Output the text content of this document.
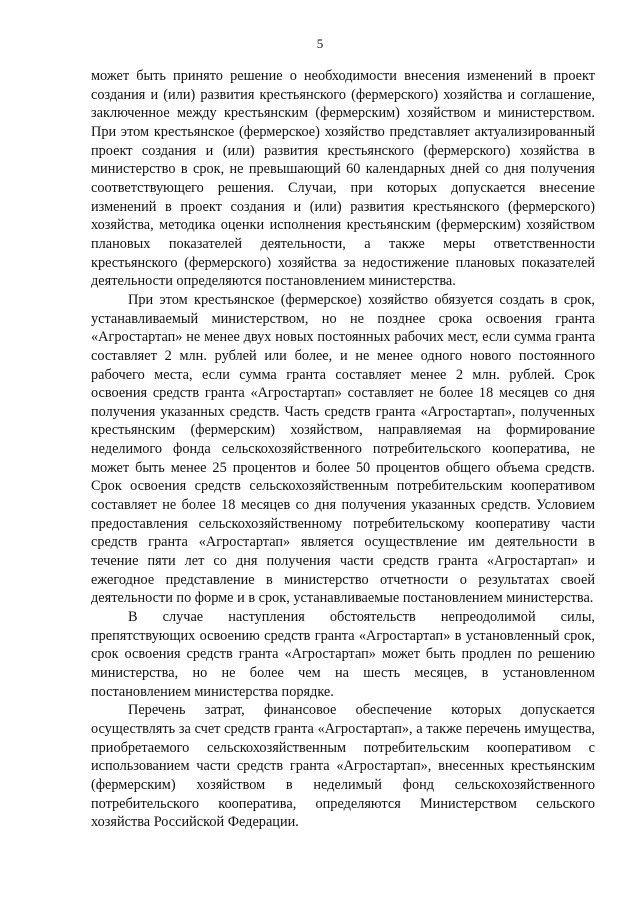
5

может быть принято решение о необходимости внесения изменений в проект создания и (или) развития крестьянского (фермерского) хозяйства и соглашение, заключенное между крестьянским (фермерским) хозяйством и министерством. При этом крестьянское (фермерское) хозяйство представляет актуализированный проект создания и (или) развития крестьянского (фермерского) хозяйства в министерство в срок, не превышающий 60 календарных дней со дня получения соответствующего решения. Случаи, при которых допускается внесение изменений в проект создания и (или) развития крестьянского (фермерского) хозяйства, методика оценки исполнения крестьянским (фермерским) хозяйством плановых показателей деятельности, а также меры ответственности крестьянского (фермерского) хозяйства за недостижение плановых показателей деятельности определяются постановлением министерства.

При этом крестьянское (фермерское) хозяйство обязуется создать в срок, устанавливаемый министерством, но не позднее срока освоения гранта «Агростартап» не менее двух новых постоянных рабочих мест, если сумма гранта составляет 2 млн. рублей или более, и не менее одного нового постоянного рабочего места, если сумма гранта составляет менее 2 млн. рублей. Срок освоения средств гранта «Агростартап» составляет не более 18 месяцев со дня получения указанных средств. Часть средств гранта «Агростартап», полученных крестьянским (фермерским) хозяйством, направляемая на формирование неделимого фонда сельскохозяйственного потребительского кооператива, не может быть менее 25 процентов и более 50 процентов общего объема средств. Срок освоения средств сельскохозяйственным потребительским кооперативом составляет не более 18 месяцев со дня получения указанных средств. Условием предоставления сельскохозяйственному потребительскому кооперативу части средств гранта «Агростартап» является осуществление им деятельности в течение пяти лет со дня получения части средств гранта «Агростартап» и ежегодное представление в министерство отчетности о результатах своей деятельности по форме и в срок, устанавливаемые постановлением министерства.

В случае наступления обстоятельств непреодолимой силы, препятствующих освоению средств гранта «Агростартап» в установленный срок, срок освоения средств гранта «Агростартап» может быть продлен по решению министерства, но не более чем на шесть месяцев, в установленном постановлением министерства порядке.

Перечень затрат, финансовое обеспечение которых допускается осуществлять за счет средств гранта «Агростартап», а также перечень имущества, приобретаемого сельскохозяйственным потребительским кооперативом с использованием части средств гранта «Агростартап», внесенных крестьянским (фермерским) хозяйством в неделимый фонд сельскохозяйственного потребительского кооператива, определяются Министерством сельского хозяйства Российской Федерации.
